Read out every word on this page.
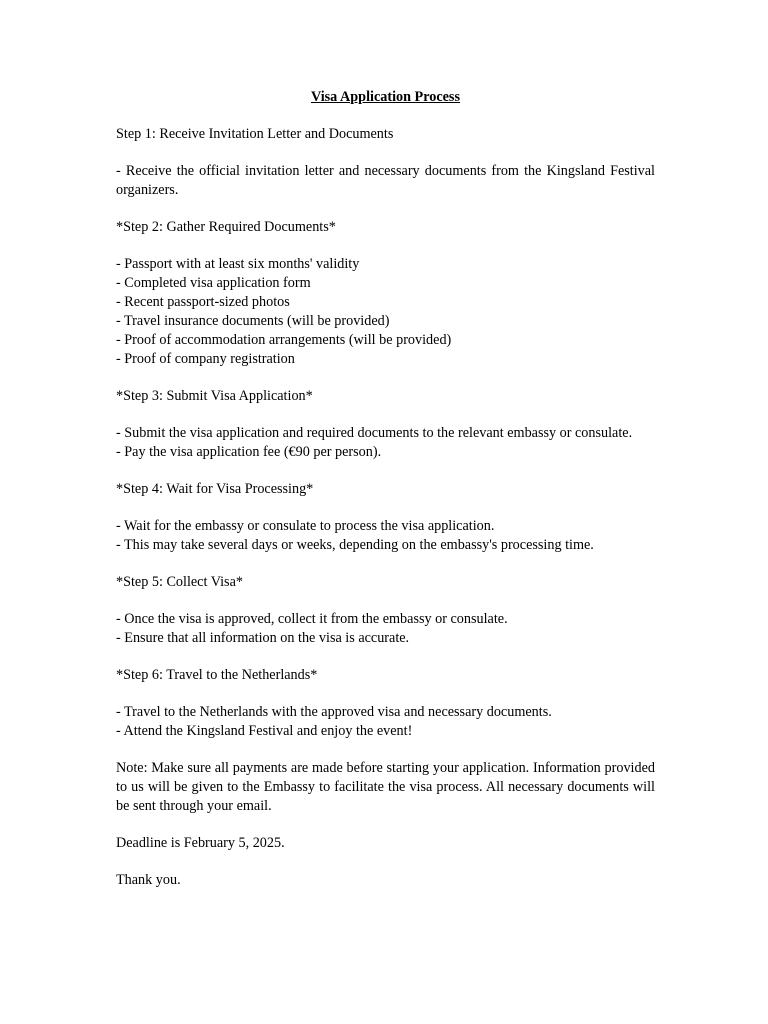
Visa Application Process
Step 1: Receive Invitation Letter and Documents
- Receive the official invitation letter and necessary documents from the Kingsland Festival organizers.
*Step 2: Gather Required Documents*
- Passport with at least six months' validity
- Completed visa application form
- Recent passport-sized photos
- Travel insurance documents (will be provided)
- Proof of accommodation arrangements (will be provided)
- Proof of company registration
*Step 3: Submit Visa Application*
- Submit the visa application and required documents to the relevant embassy or consulate.
- Pay the visa application fee (€90 per person).
*Step 4: Wait for Visa Processing*
- Wait for the embassy or consulate to process the visa application.
- This may take several days or weeks, depending on the embassy's processing time.
*Step 5: Collect Visa*
- Once the visa is approved, collect it from the embassy or consulate.
- Ensure that all information on the visa is accurate.
*Step 6: Travel to the Netherlands*
- Travel to the Netherlands with the approved visa and necessary documents.
- Attend the Kingsland Festival and enjoy the event!
Note: Make sure all payments are made before starting your application. Information provided to us will be given to the Embassy to facilitate the visa process. All necessary documents will be sent through your email.
Deadline is February 5, 2025.
Thank you.
